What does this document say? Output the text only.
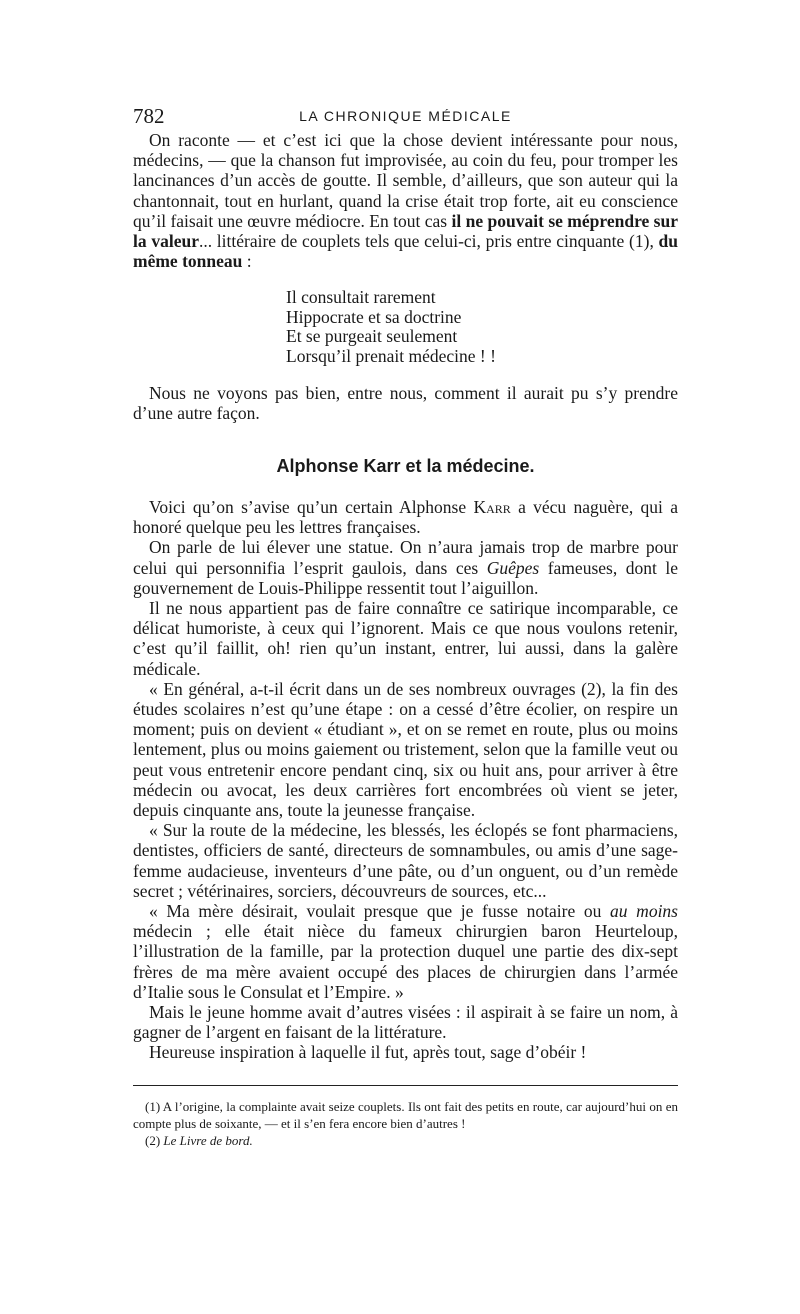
782	LA CHRONIQUE MÉDICALE

On raconte — et c’est ici que la chose devient intéressante pour nous, médecins, — que la chanson fut improvisée, au coin du feu, pour tromper les lancinances d’un accès de goutte. Il semble, d’ailleurs, que son auteur qui la chantonnait, tout en hurlant, quand la crise était trop forte, ait eu conscience qu’il faisait une œuvre médiocre. En tout cas il ne pouvait se méprendre sur la valeur... littéraire de couplets tels que celui-ci, pris entre cinquante (1), du même tonneau :

Il consultait rarement
Hippocrate et sa doctrine
Et se purgeait seulement
Lorsqu’il prenait médecine ! !

Nous ne voyons pas bien, entre nous, comment il aurait pu s’y prendre d’une autre façon.

Alphonse Karr et la médecine.

Voici qu’on s’avise qu’un certain Alphonse Karr a vécu naguère, qui a honoré quelque peu les lettres françaises.

On parle de lui élever une statue. On n’aura jamais trop de marbre pour celui qui personnifia l’esprit gaulois, dans ces Guêpes fameuses, dont le gouvernement de Louis-Philippe ressentit tout l’aiguillon.

Il ne nous appartient pas de faire connaître ce satirique incomparable, ce délicat humoriste, à ceux qui l’ignorent. Mais ce que nous voulons retenir, c’est qu’il faillit, oh! rien qu’un instant, entrer, lui aussi, dans la galère médicale.

« En général, a-t-il écrit dans un de ses nombreux ouvrages (2), la fin des études scolaires n’est qu’une étape : on a cessé d’être écolier, on respire un moment; puis on devient « étudiant », et on se remet en route, plus ou moins lentement, plus ou moins gaiement ou tristement, selon que la famille veut ou peut vous entretenir encore pendant cinq, six ou huit ans, pour arriver à être médecin ou avocat, les deux carrières fort encombrées où vient se jeter, depuis cinquante ans, toute la jeunesse française.

« Sur la route de la médecine, les blessés, les éclopés se font pharmaciens, dentistes, officiers de santé, directeurs de somnambules, ou amis d’une sage-femme audacieuse, inventeurs d’une pâte, ou d’un onguent, ou d’un remède secret ; vétérinaires, sorciers, découvreurs de sources, etc...

« Ma mère désirait, voulait presque que je fusse notaire ou au moins médecin ; elle était nièce du fameux chirurgien baron Heurteloup, l’illustration de la famille, par la protection duquel une partie des dix-sept frères de ma mère avaient occupé des places de chirurgien dans l’armée d’Italie sous le Consulat et l’Empire. »

Mais le jeune homme avait d’autres visées : il aspirait à se faire un nom, à gagner de l’argent en faisant de la littérature.

Heureuse inspiration à laquelle il fut, après tout, sage d’obéir !

(1) A l’origine, la complainte avait seize couplets. Ils ont fait des petits en route, car aujourd’hui on en compte plus de soixante, — et il s’en fera encore bien d’autres !

(2) Le Livre de bord.
